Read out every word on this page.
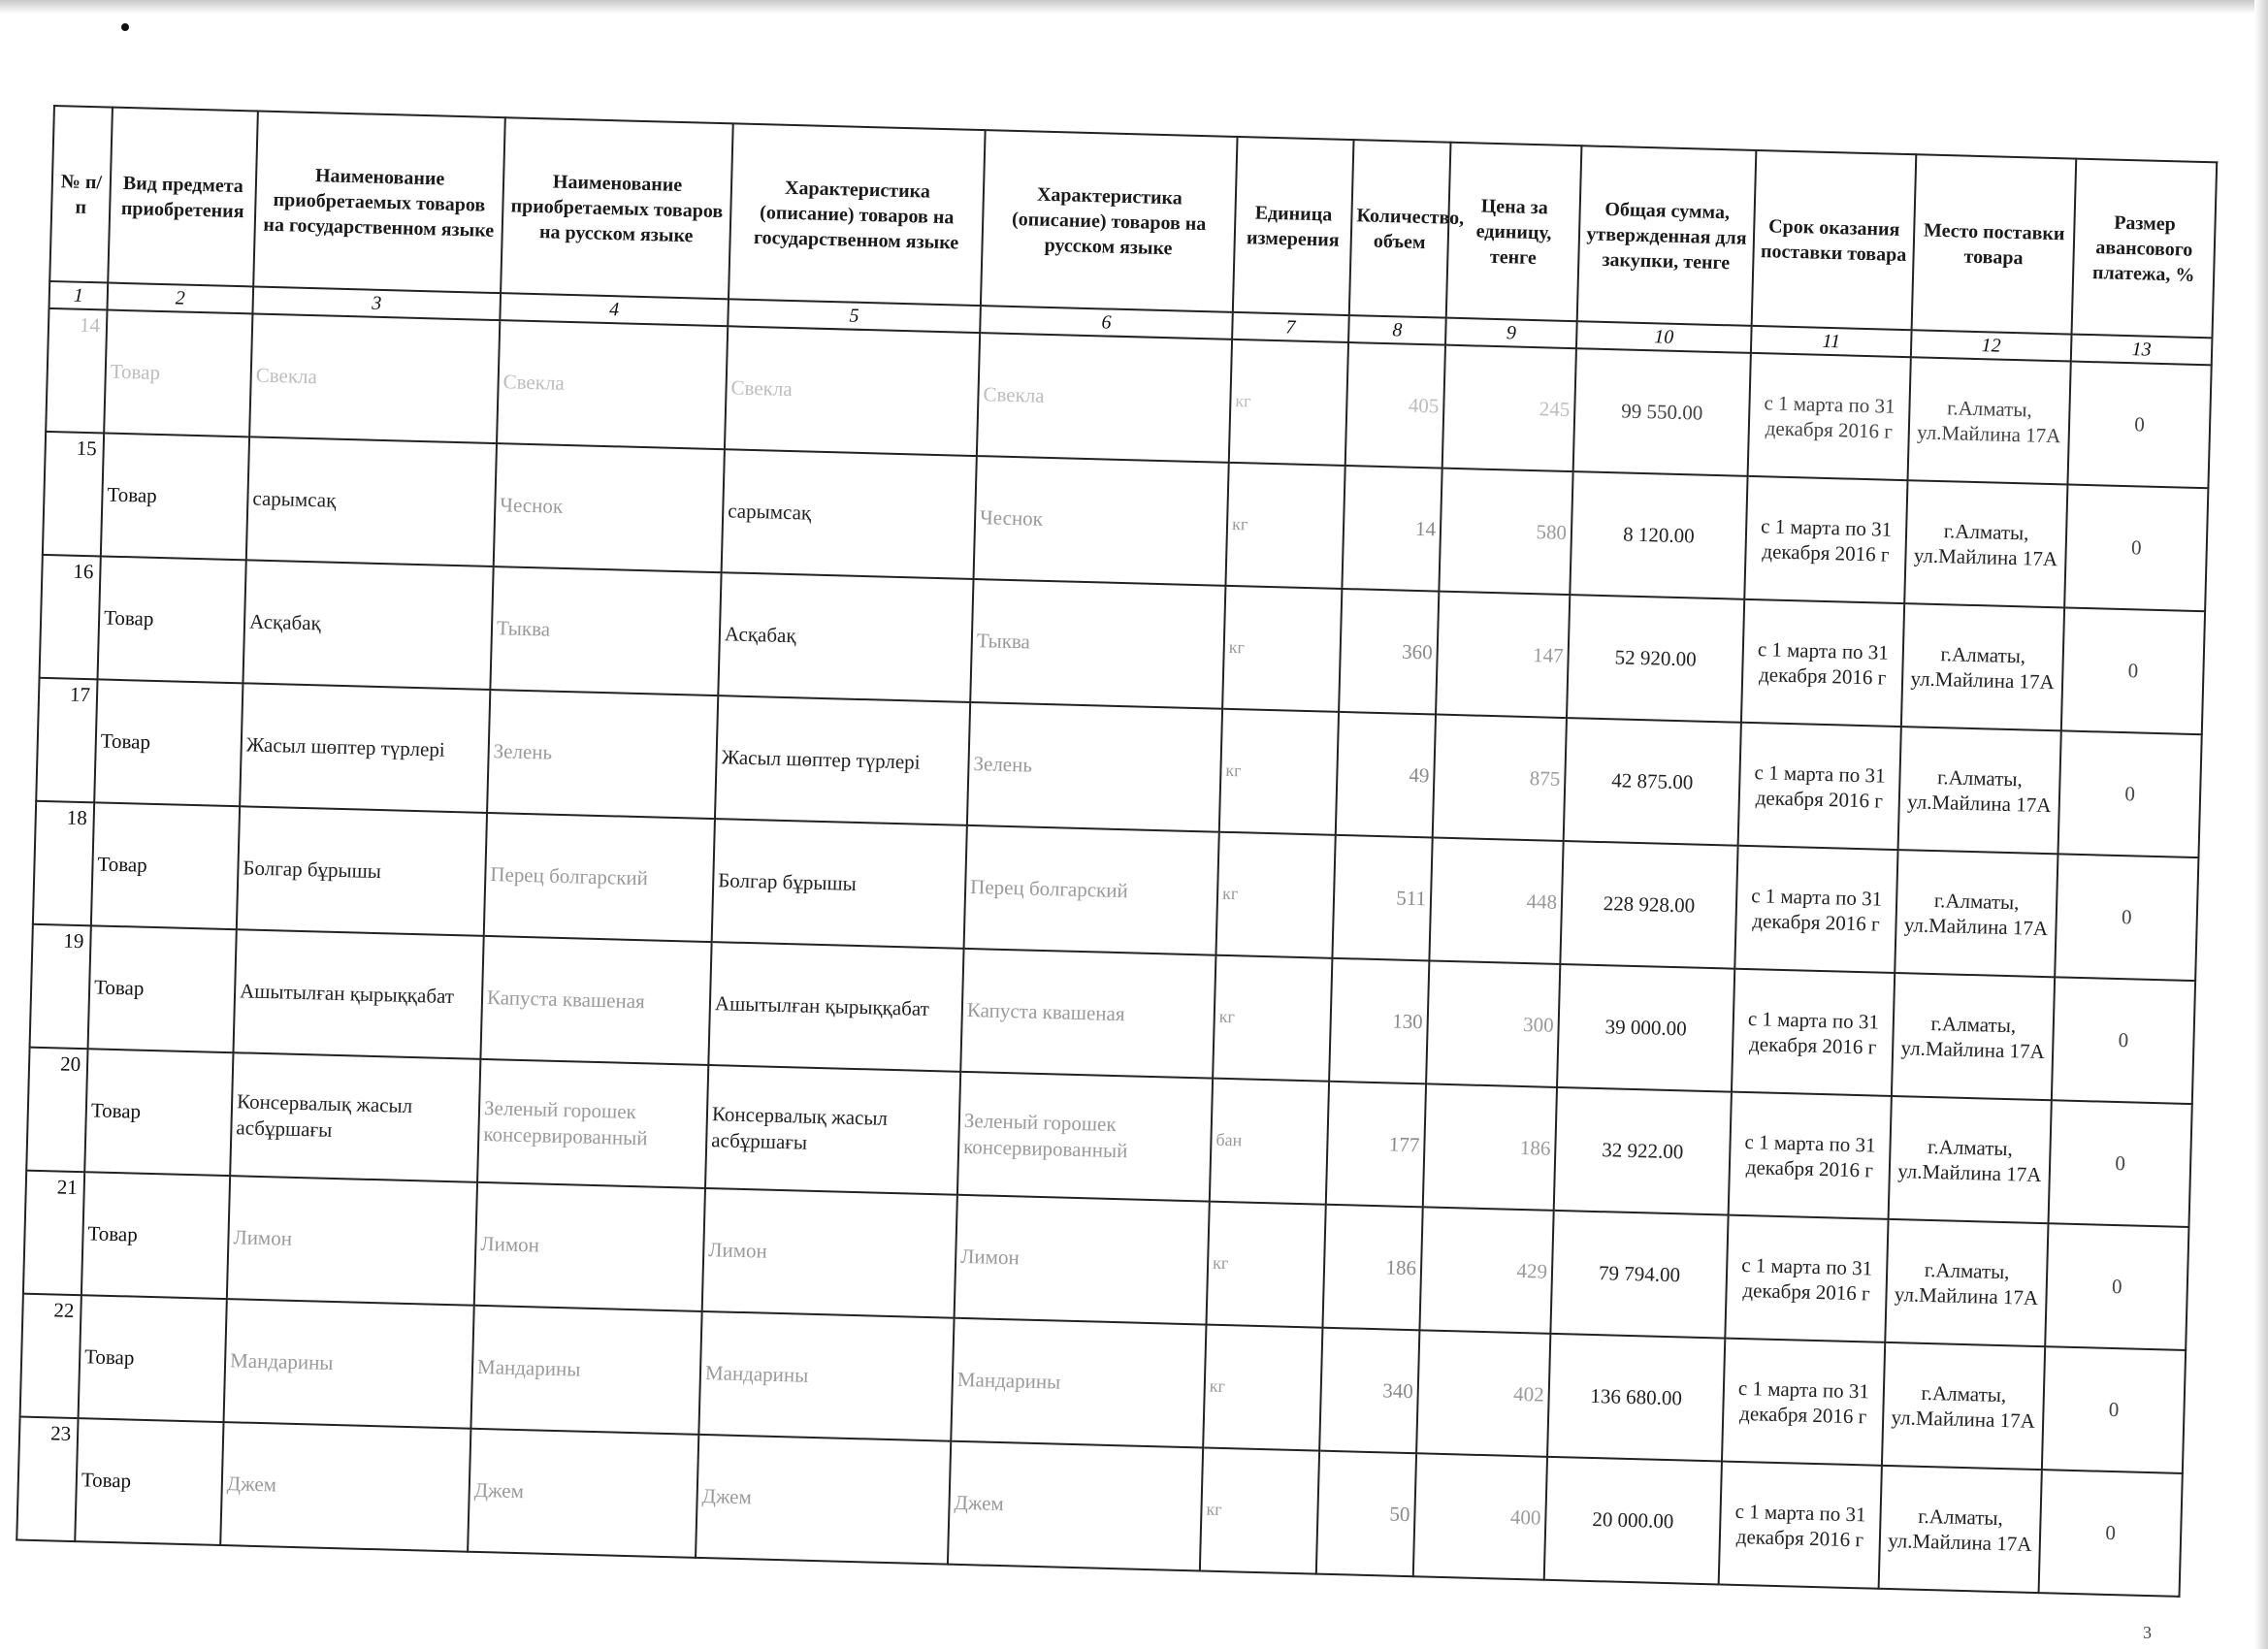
№ п/п	Вид предмета приобретения	Наименование приобретаемых товаров на государственном языке	Наименование приобретаемых товаров на русском языке	Характеристика (описание) товаров на государственном языке	Характеристика (описание) товаров на русском языке	Единица измерения	Количество, объем	Цена за единицу, тенге	Общая сумма, утвержденная для закупки, тенге	Срок оказания поставки товара	Место поставки товара	Размер авансового платежа, %
1	2	3	4	5	6	7	8	9	10	11	12	13
14	Товар	Свекла	Свекла	Свекла	Свекла	кг	405	245	99 550.00	с 1 марта по 31 декабря 2016 г	г.Алматы, ул.Майлина 17А	0
15	Товар	сарымсақ	Чеснок	сарымсақ	Чеснок	кг	14	580	8 120.00	с 1 марта по 31 декабря 2016 г	г.Алматы, ул.Майлина 17А	0
16	Товар	Асқабақ	Тыква	Асқабақ	Тыква	кг	360	147	52 920.00	с 1 марта по 31 декабря 2016 г	г.Алматы, ул.Майлина 17А	0
17	Товар	Жасыл шөптер түрлері	Зелень	Жасыл шөптер түрлері	Зелень	кг	49	875	42 875.00	с 1 марта по 31 декабря 2016 г	г.Алматы, ул.Майлина 17А	0
18	Товар	Болгар бұрышы	Перец болгарский	Болгар бұрышы	Перец болгарский	кг	511	448	228 928.00	с 1 марта по 31 декабря 2016 г	г.Алматы, ул.Майлина 17А	0
19	Товар	Ашытылған қырыққабат	Капуста квашеная	Ашытылған қырыққабат	Капуста квашеная	кг	130	300	39 000.00	с 1 марта по 31 декабря 2016 г	г.Алматы, ул.Майлина 17А	0
20	Товар	Консервалық жасыл асбұршағы	Зеленый горошек консервированный	Консервалық жасыл асбұршағы	Зеленый горошек консервированный	бан	177	186	32 922.00	с 1 марта по 31 декабря 2016 г	г.Алматы, ул.Майлина 17А	0
21	Товар	Лимон	Лимон	Лимон	Лимон	кг	186	429	79 794.00	с 1 марта по 31 декабря 2016 г	г.Алматы, ул.Майлина 17А	0
22	Товар	Мандарины	Мандарины	Мандарины	Мандарины	кг	340	402	136 680.00	с 1 марта по 31 декабря 2016 г	г.Алматы, ул.Майлина 17А	0
23	Товар	Джем	Джем	Джем	Джем	кг	50	400	20 000.00	с 1 марта по 31 декабря 2016 г	г.Алматы, ул.Майлина 17А	0
3
